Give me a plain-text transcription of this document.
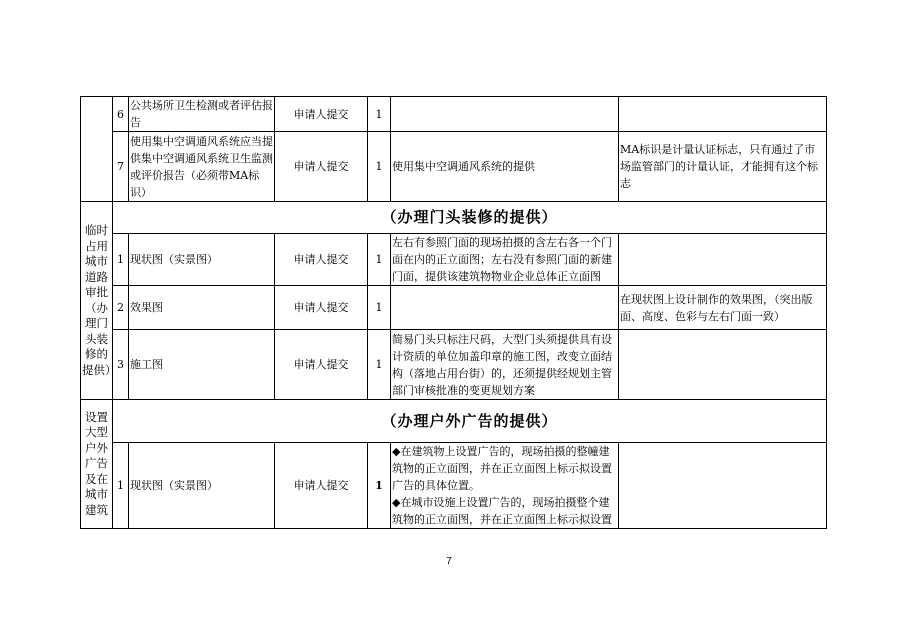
	6	公共场所卫生检测或者评估报告	申请人提交	1		
	7	使用集中空调通风系统应当提供集中空调通风系统卫生监测或评价报告（必须带MA标识）	申请人提交	1	使用集中空调通风系统的提供	MA标识是计量认证标志，只有通过了市场监管部门的计量认证，才能拥有这个标志
临时占用城市道路审批（办理门头装修的提供）	（办理门头装修的提供）					
	1	现状图（实景图）	申请人提交	1	左右有参照门面的现场拍摄的含左右各一个门面在内的正立面图；左右没有参照门面的新建门面，提供该建筑物物业企业总体正立面图	
	2	效果图	申请人提交	1		在现状图上设计制作的效果图，（突出版面、高度、色彩与左右门面一致）
	3	施工图	申请人提交	1	简易门头只标注尺码，大型门头须提供具有设计资质的单位加盖印章的施工图，改变立面结构（落地占用台街）的，还须提供经规划主管部门审核批准的变更规划方案	
设置大型户外广告及在城市建筑	（办理户外广告的提供）					
	1	现状图（实景图）	申请人提交	1	◆在建筑物上设置广告的，现场拍摄的整幢建筑物的正立面图，并在正立面图上标示拟设置广告的具体位置。
◆在城市设施上设置广告的，现场拍摄整个建筑物的正立面图，并在正立面图上标示拟设置	

7
